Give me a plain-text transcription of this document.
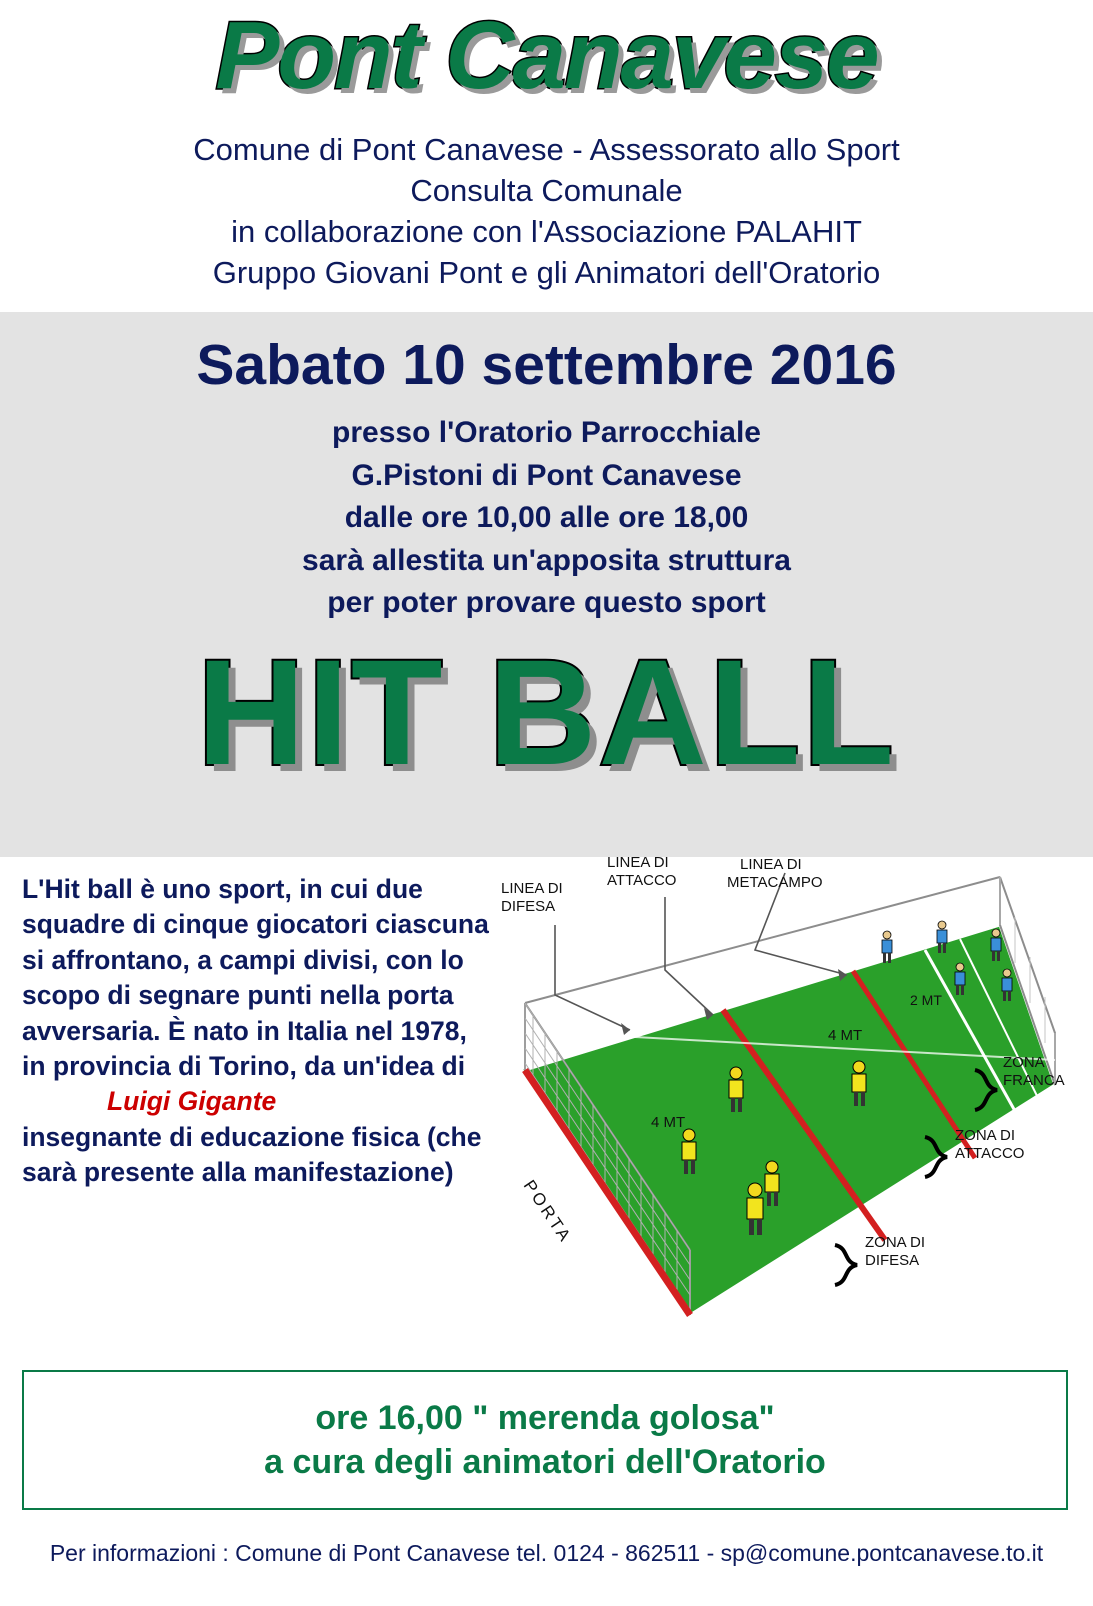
Pont Canavese
Comune di Pont Canavese - Assessorato allo Sport
Consulta Comunale
in collaborazione con l'Associazione PALAHIT
Gruppo Giovani Pont e gli Animatori dell'Oratorio
Sabato 10 settembre 2016
presso l'Oratorio Parrocchiale
G.Pistoni di Pont Canavese
dalle ore 10,00 alle ore 18,00
sarà allestita un'apposita struttura
per poter provare questo sport
HIT BALL
L'Hit ball è uno sport, in cui due squadre di cinque giocatori ciascuna si affrontano, a campi divisi, con lo scopo di segnare punti nella porta avversaria. È nato in Italia nel 1978, in provincia di Torino, da un'idea di
Luigi Gigante
insegnante di educazione fisica (che sarà presente alla manifestazione)
2 MT
4 MT
4 MT
PORTA
LINEA DI
DIFESA
LINEA DI
ATTACCO
LINEA DI
METACAMPO
ZONA
FRANCA
ZONA DI
ATTACCO
ZONA DI
DIFESA
ore 16,00 " merenda golosa"
a cura degli animatori dell'Oratorio
Per informazioni : Comune di Pont Canavese tel. 0124 - 862511 - sp@comune.pontcanavese.to.it
